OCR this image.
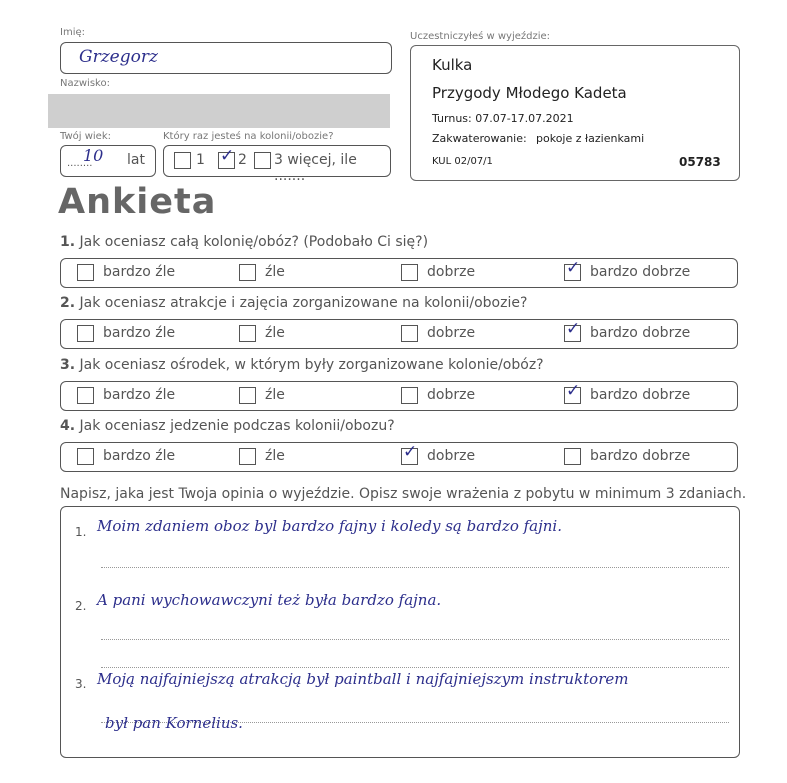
Imię:
Grzegorz
Nazwisko:
Twój wiek:
........
10 lat
Który raz jesteś na kolonii/obozie?
1 ✓ 2 3 więcej, ile .......
Uczestniczyłeś w wyjeździe:
Kulka
Przygody Młodego Kadeta
Turnus: 07.07-17.07.2021
Zakwaterowanie: pokoje z łazienkami
KUL 02/07/1	05783
Ankieta
1. Jak oceniasz całą kolonię/obóz? (Podobało Ci się?)
bardzo źle	źle	dobrze	✓ bardzo dobrze
2. Jak oceniasz atrakcje i zajęcia zorganizowane na kolonii/obozie?
bardzo źle	źle	dobrze	✓ bardzo dobrze
3. Jak oceniasz ośrodek, w którym były zorganizowane kolonie/obóz?
bardzo źle	źle	dobrze	✓ bardzo dobrze
4. Jak oceniasz jedzenie podczas kolonii/obozu?
bardzo źle	źle	✓ dobrze	bardzo dobrze
Napisz, jaka jest Twoja opinia o wyjeździe. Opisz swoje wrażenia z pobytu w minimum 3 zdaniach.
1. Moim zdaniem oboz byl bardzo fajny i koledy są bardzo fajni.
2. A pani wychowawczyni też była bardzo fajna.
3. Moją najfajniejszą atrakcją był paintball i najfajniejszym instruktorem
był pan Kornelius.
